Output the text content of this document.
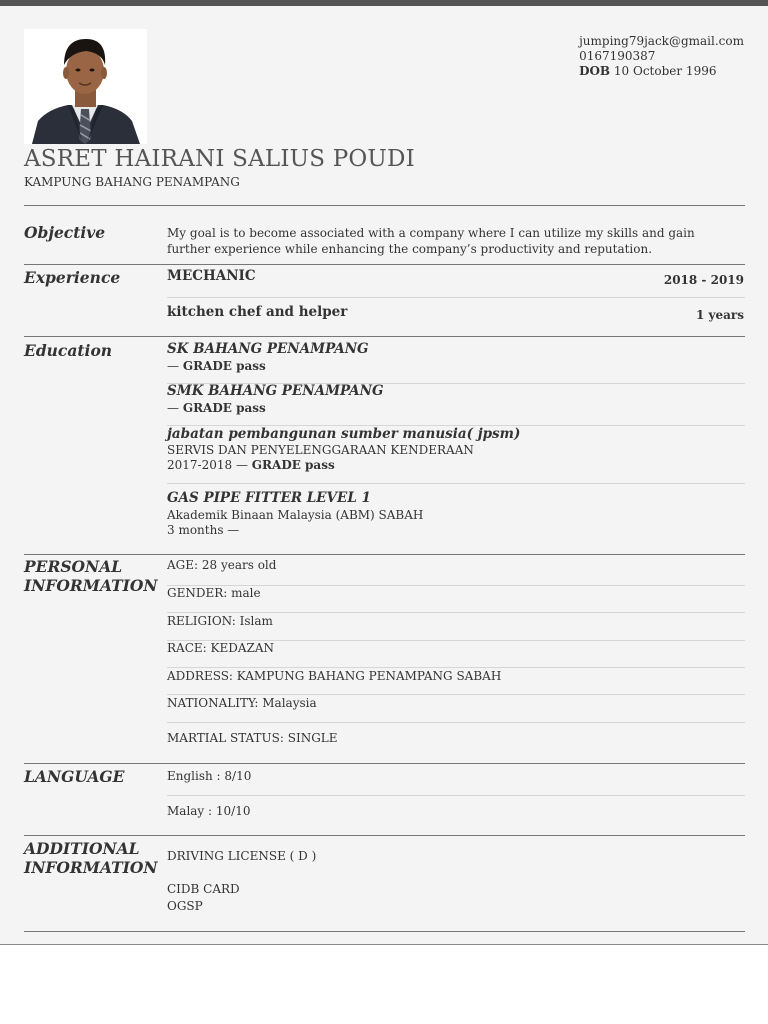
jumping79jack@gmail.com
0167190387
DOB 10 October 1996
ASRET HAIRANI SALIUS POUDI
KAMPUNG BAHANG PENAMPANG
Objective	My goal is to become associated with a company where I can utilize my skills and gain
further experience while enhancing the company’s productivity and reputation.
Experience	MECHANIC	2018 - 2019
kitchen chef and helper	1 years
Education	SK BAHANG PENAMPANG
— GRADE pass
SMK BAHANG PENAMPANG
— GRADE pass
jabatan pembangunan sumber manusia( jpsm)
SERVIS DAN PENYELENGGARAAN KENDERAAN
2017-2018 — GRADE pass
GAS PIPE FITTER LEVEL 1
Akademik Binaan Malaysia (ABM) SABAH
3 months —
PERSONAL
INFORMATION
AGE: 28 years old
GENDER: male
RELIGION: Islam
RACE: KEDAZAN
ADDRESS: KAMPUNG BAHANG PENAMPANG SABAH
NATIONALITY: Malaysia
MARTIAL STATUS: SINGLE
LANGUAGE	English : 8/10
Malay : 10/10
ADDITIONAL
INFORMATION
DRIVING LICENSE ( D )
CIDB CARD
OGSP
